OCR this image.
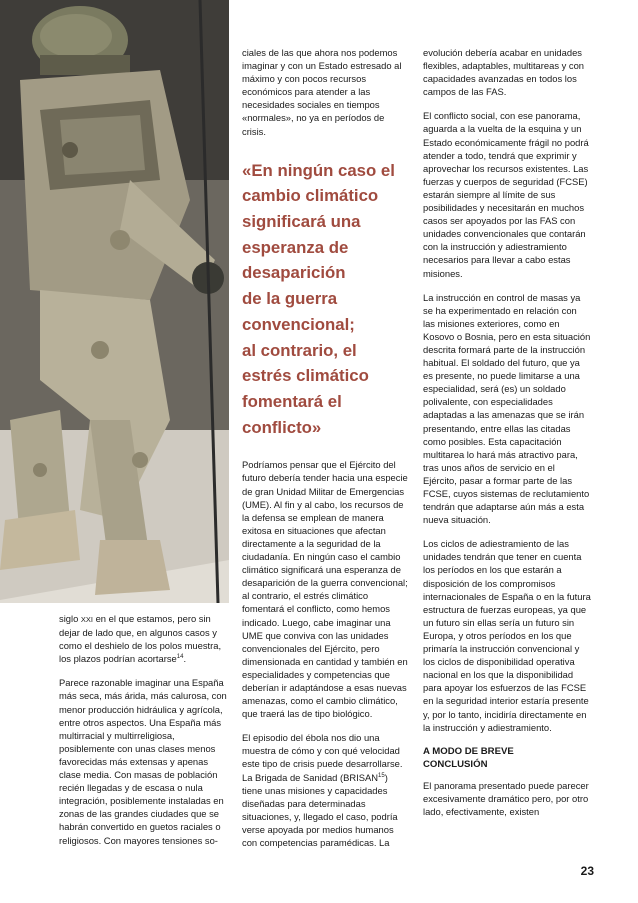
siglo XXI en el que estamos, pero sin dejar de lado que, en algunos casos y como el deshielo de los polos muestra, los plazos podrían acortarse$^{14}$.

Parece razonable imaginar una España más seca, más árida, más calurosa, con menor producción hidráulica y agrícola, entre otros aspectos. Una España más multirracial y multirreligiosa, posiblemente con unas clases menos favorecidas más extensas y apenas clase media. Con masas de población recién llegadas y de escasa o nula integración, posiblemente instaladas en zonas de las grandes ciudades que se habrán convertido en guetos raciales o religiosos. Con mayores tensiones so-

ciales de las que ahora nos podemos imaginar y con un Estado estresado al máximo y con pocos recursos económicos para atender a las necesidades sociales en tiempos «normales», no ya en períodos de crisis.

«En ningún caso el
cambio climático
significará una
esperanza de
desaparición
de la guerra
convencional;
al contrario, el
estrés climático
fomentará el
conflicto»

Podríamos pensar que el Ejército del futuro debería tender hacia una especie de gran Unidad Militar de Emergencias (UME). Al fin y al cabo, los recursos de la defensa se emplean de manera exitosa en situaciones que afectan directamente a la seguridad de la ciudadanía. En ningún caso el cambio climático significará una esperanza de desaparición de la guerra convencional; al contrario, el estrés climático fomentará el conflicto, como hemos indicado. Luego, cabe imaginar una UME que conviva con las unidades convencionales del Ejército, pero dimensionada en cantidad y también en especialidades y competencias que deberían ir adaptándose a esas nuevas amenazas, como el cambio climático, que traerá las de tipo biológico.

El episodio del ébola nos dio una muestra de cómo y con qué velocidad este tipo de crisis puede desarrollarse. La Brigada de Sanidad (BRISAN$^{15}$) tiene unas misiones y capacidades diseñadas para determinadas situaciones, y, llegado el caso, podría verse apoyada por medios humanos con competencias paramédicas. La

evolución debería acabar en unidades flexibles, adaptables, multitareas y con capacidades avanzadas en todos los campos de las FAS.

El conflicto social, con ese panorama, aguarda a la vuelta de la esquina y un Estado económicamente frágil no podrá atender a todo, tendrá que exprimir y aprovechar los recursos existentes. Las fuerzas y cuerpos de seguridad (FCSE) estarán siempre al límite de sus posibilidades y necesitarán en muchos casos ser apoyados por las FAS con unidades convencionales que contarán con la instrucción y adiestramiento necesarios para llevar a cabo estas misiones.

La instrucción en control de masas ya se ha experimentado en relación con las misiones exteriores, como en Kosovo o Bosnia, pero en esta situación descrita formará parte de la instrucción habitual. El soldado del futuro, que ya es presente, no puede limitarse a una especialidad, será (es) un soldado polivalente, con especialidades adaptadas a las amenazas que se irán presentando, entre ellas las citadas como posibles. Esta capacitación multitarea lo hará más atractivo para, tras unos años de servicio en el Ejército, pasar a formar parte de las FCSE, cuyos sistemas de reclutamiento tendrán que adaptarse aún más a esta nueva situación.

Los ciclos de adiestramiento de las unidades tendrán que tener en cuenta los períodos en los que estarán a disposición de los compromisos internacionales de España o en la futura estructura de fuerzas europeas, ya que un futuro sin ellas sería un futuro sin Europa, y otros períodos en los que primaría la instrucción convencional y los ciclos de disponibilidad operativa nacional en los que la disponibilidad para apoyar los esfuerzos de las FCSE en la seguridad interior estaría presente y, por lo tanto, incidiría directamente en la instrucción y adiestramiento.

A MODO DE BREVE
CONCLUSIÓN

El panorama presentado puede parecer excesivamente dramático pero, por otro lado, efectivamente, existen

23
